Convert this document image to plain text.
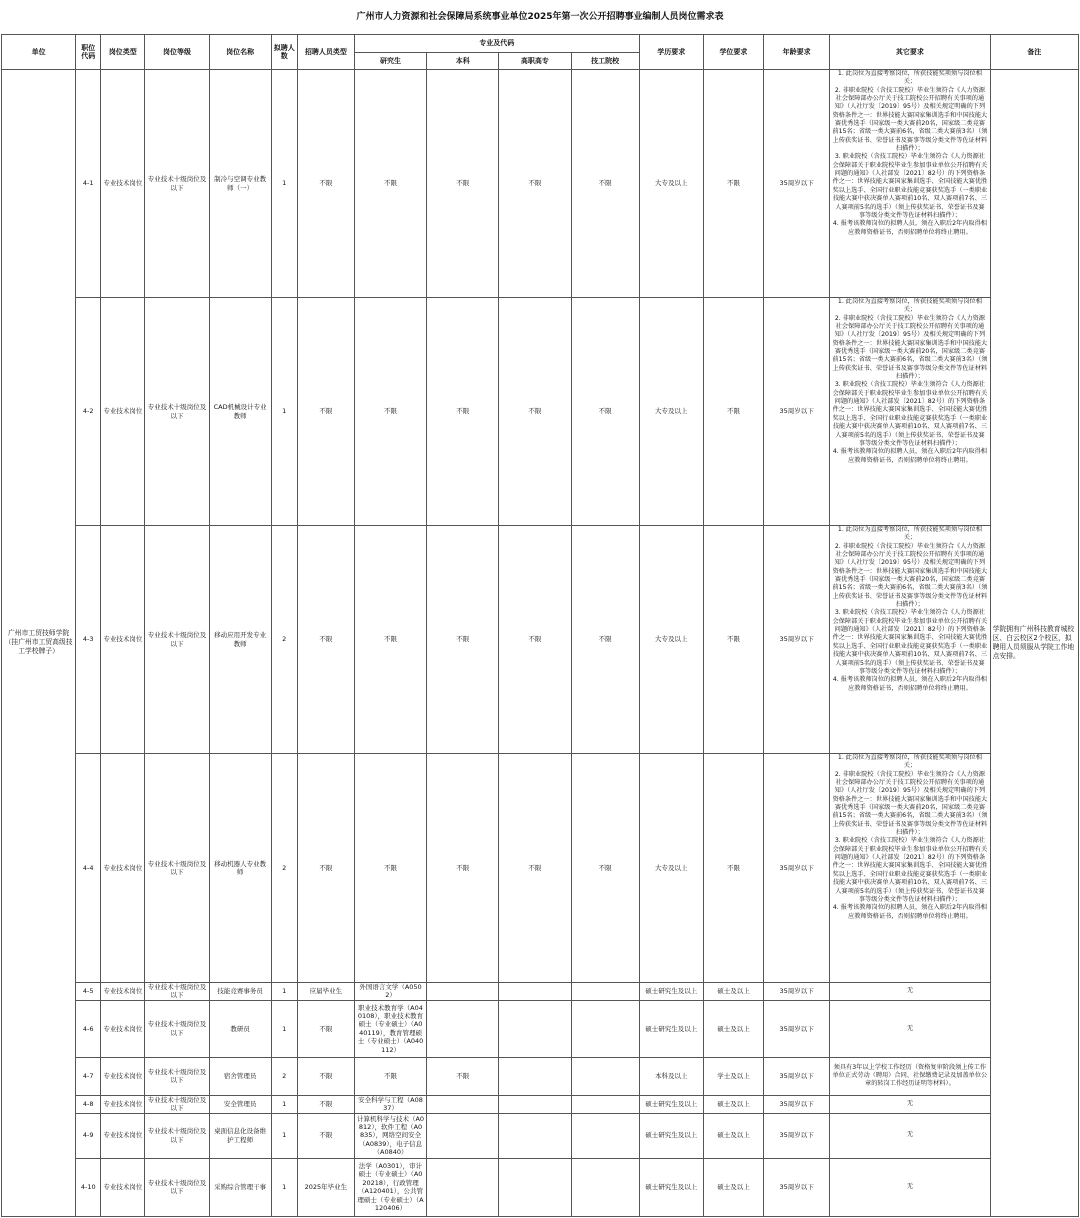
广州市人力资源和社会保障局系统事业单位2025年第一次公开招聘事业编制人员岗位需求表
单位	职位代码	岗位类型	岗位等级	岗位名称	拟聘人数	招聘人员类型	专业及代码				学历要求	学位要求	年龄要求	其它要求	备注
							研究生	本科	高职高专	技工院校					
广州市工贸技师学院（挂广州市工贸高级技工学校牌子）	4-1	专业技术岗位	专业技术十级岗位及以下	制冷与空调专业教师（一）	1	不限	不限	不限	不限	不限	大专及以上	不限	35周岁以下	1. 此岗位为直接考察岗位，所获技能奖项须与岗位相关；
2. 非职业院校（含技工院校）毕业生须符合《人力资源社会保障部办公厅关于技工院校公开招聘有关事项的通知》（人社厅发〔2019〕95号）及相关规定明确的下列资格条件之一：世界技能大赛国家集训选手和中国技能大赛优秀选手（国家级一类大赛前20名，国家级二类竞赛前15名；省级一类大赛前6名，省级二类大赛前3名）（须上传获奖证书、荣誉证书及赛事等级分类文件等佐证材料扫描件）；
3. 职业院校（含技工院校）毕业生须符合《人力资源社会保障部关于职业院校毕业生参加事业单位公开招聘有关问题的通知》（人社部发〔2021〕82号）的下列资格条件之一：世界技能大赛国家集训选手、全国技能大赛优胜奖以上选手、全国行业职业技能竞赛获奖选手（一类职业技能大赛中获决赛单人赛项前10名、双人赛项前7名、三人赛项前5名的选手）（须上传获奖证书、荣誉证书及赛事等级分类文件等佐证材料扫描件）；
4. 报考该教师岗位的拟聘人员，须在入职后2年内取得相应教师资格证书，否则招聘单位将终止聘用。	学院拥有广州科技教育城校区、白云校区2个校区，拟聘用人员须服从学院工作地点安排。
	4-2	专业技术岗位	专业技术十级岗位及以下	CAD机械设计专业教师	1	不限	不限	不限	不限	不限	大专及以上	不限	35周岁以下	1. 此岗位为直接考察岗位，所获技能奖项须与岗位相关；
2. 非职业院校（含技工院校）毕业生须符合《人力资源社会保障部办公厅关于技工院校公开招聘有关事项的通知》（人社厅发〔2019〕95号）及相关规定明确的下列资格条件之一：世界技能大赛国家集训选手和中国技能大赛优秀选手（国家级一类大赛前20名，国家级二类竞赛前15名；省级一类大赛前6名，省级二类大赛前3名）（须上传获奖证书、荣誉证书及赛事等级分类文件等佐证材料扫描件）；
3. 职业院校（含技工院校）毕业生须符合《人力资源社会保障部关于职业院校毕业生参加事业单位公开招聘有关问题的通知》（人社部发〔2021〕82号）的下列资格条件之一：世界技能大赛国家集训选手、全国技能大赛优胜奖以上选手、全国行业职业技能竞赛获奖选手（一类职业技能大赛中获决赛单人赛项前10名、双人赛项前7名、三人赛项前5名的选手）（须上传获奖证书、荣誉证书及赛事等级分类文件等佐证材料扫描件）；
4. 报考该教师岗位的拟聘人员，须在入职后2年内取得相应教师资格证书，否则招聘单位将终止聘用。	
	4-3	专业技术岗位	专业技术十级岗位及以下	移动应用开发专业教师	2	不限	不限	不限	不限	不限	大专及以上	不限	35周岁以下	1. 此岗位为直接考察岗位，所获技能奖项须与岗位相关；
2. 非职业院校（含技工院校）毕业生须符合《人力资源社会保障部办公厅关于技工院校公开招聘有关事项的通知》（人社厅发〔2019〕95号）及相关规定明确的下列资格条件之一：世界技能大赛国家集训选手和中国技能大赛优秀选手（国家级一类大赛前20名，国家级二类竞赛前15名；省级一类大赛前6名，省级二类大赛前3名）（须上传获奖证书、荣誉证书及赛事等级分类文件等佐证材料扫描件）；
3. 职业院校（含技工院校）毕业生须符合《人力资源社会保障部关于职业院校毕业生参加事业单位公开招聘有关问题的通知》（人社部发〔2021〕82号）的下列资格条件之一：世界技能大赛国家集训选手、全国技能大赛优胜奖以上选手、全国行业职业技能竞赛获奖选手（一类职业技能大赛中获决赛单人赛项前10名、双人赛项前7名、三人赛项前5名的选手）（须上传获奖证书、荣誉证书及赛事等级分类文件等佐证材料扫描件）；
4. 报考该教师岗位的拟聘人员，须在入职后2年内取得相应教师资格证书，否则招聘单位将终止聘用。	
	4-4	专业技术岗位	专业技术十级岗位及以下	移动机器人专业教师	2	不限	不限	不限	不限	不限	大专及以上	不限	35周岁以下	1. 此岗位为直接考察岗位，所获技能奖项须与岗位相关；
2. 非职业院校（含技工院校）毕业生须符合《人力资源社会保障部办公厅关于技工院校公开招聘有关事项的通知》（人社厅发〔2019〕95号）及相关规定明确的下列资格条件之一：世界技能大赛国家集训选手和中国技能大赛优秀选手（国家级一类大赛前20名，国家级二类竞赛前15名；省级一类大赛前6名，省级二类大赛前3名）（须上传获奖证书、荣誉证书及赛事等级分类文件等佐证材料扫描件）；
3. 职业院校（含技工院校）毕业生须符合《人力资源社会保障部关于职业院校毕业生参加事业单位公开招聘有关问题的通知》（人社部发〔2021〕82号）的下列资格条件之一：世界技能大赛国家集训选手、全国技能大赛优胜奖以上选手、全国行业职业技能竞赛获奖选手（一类职业技能大赛中获决赛单人赛项前10名、双人赛项前7名、三人赛项前5名的选手）（须上传获奖证书、荣誉证书及赛事等级分类文件等佐证材料扫描件）；
4. 报考该教师岗位的拟聘人员，须在入职后2年内取得相应教师资格证书，否则招聘单位将终止聘用。	
	4-5	专业技术岗位	专业技术十级岗位及以下	技能竞赛事务员	1	应届毕业生	外国语言文学（A0502）				硕士研究生及以上	硕士及以上	35周岁以下	无	
	4-6	专业技术岗位	专业技术十级岗位及以下	教研员	1	不限	职业技术教育学（A040108），职业技术教育硕士（专业硕士）（A040119），教育管理硕士（专业硕士）（A040112）				硕士研究生及以上	硕士及以上	35周岁以下	无	
	4-7	专业技术岗位	专业技术十级岗位及以下	宿舍管理员	2	不限	不限	不限			本科及以上	学士及以上	35周岁以下	须具有3年以上学校工作经历（资格复审阶段须上传工作单位正式劳动（聘用）合同、社保缴费记录及加盖单位公章的转岗工作经历证明等材料）。	
	4-8	专业技术岗位	专业技术十级岗位及以下	安全管理员	1	不限	安全科学与工程（A0837）				硕士研究生及以上	硕士及以上	35周岁以下	无	
	4-9	专业技术岗位	专业技术十级岗位及以下	桌面信息化设备维护工程师	1	不限	计算机科学与技术（A0812），软件工程（A0835），网络空间安全（A0839），电子信息（A0840）				硕士研究生及以上	硕士及以上	35周岁以下	无	
	4-10	专业技术岗位	专业技术十级岗位及以下	采购综合管理干事	1	2025年毕业生	法学（A0301），审计硕士（专业硕士）（A020218），行政管理（A120401），公共管理硕士（专业硕士）（A120406）				硕士研究生及以上	硕士及以上	35周岁以下	无	
